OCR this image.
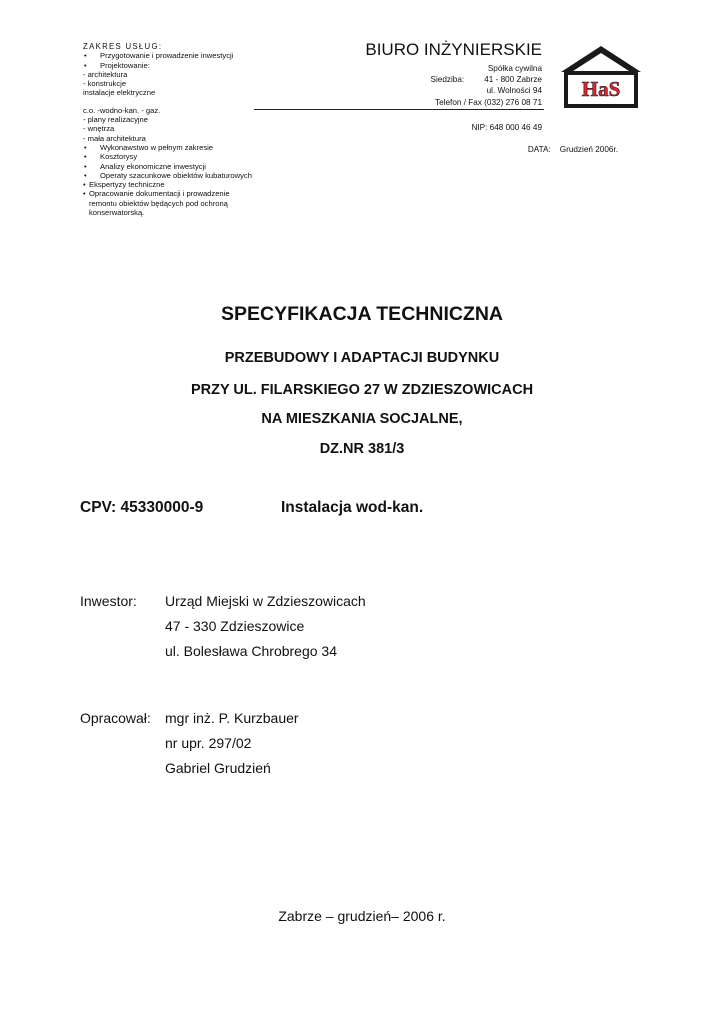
ZAKRES USŁUG:
• Przygotowanie i prowadzenie inwestycji
• Projektowanie:
- architektura
- konstrukcje
instalacje elektryczne
c.o. -wodno-kan. - gaz.
- plany realizacyjne
- wnętrza
- mała architektura
• Wykonawstwo w pełnym zakresie
• Kosztorysy
• Analizy ekonomiczne inwestycji
• Operaty szacunkowe obiektów kubaturowych
• Ekspertyzy techniczne
• Opracowanie dokumentacji i prowadzenie remontu obiektów będących pod ochroną konserwatorską.
BIURO INŻYNIERSKIE
Spółka cywilna
Siedziba: 41 - 800 Zabrze
ul. Wolności 94
Telefon / Fax (032) 276 08 71
NIP: 648 000 46 49
DATA: Grudzień 2006r.
HaS
SPECYFIKACJA TECHNICZNA
PRZEBUDOWY I ADAPTACJI BUDYNKU
PRZY UL. FILARSKIEGO 27 W ZDZIESZOWICACH
NA MIESZKANIA SOCJALNE,
DZ.NR 381/3
CPV: 45330000-9	Instalacja wod-kan.
Inwestor: Urząd Miejski w Zdzieszowicach
47 - 330 Zdzieszowice
ul. Bolesława Chrobrego 34
Opracował: mgr inż. P. Kurzbauer
nr upr. 297/02
Gabriel Grudzień
Zabrze – grudzień– 2006 r.
